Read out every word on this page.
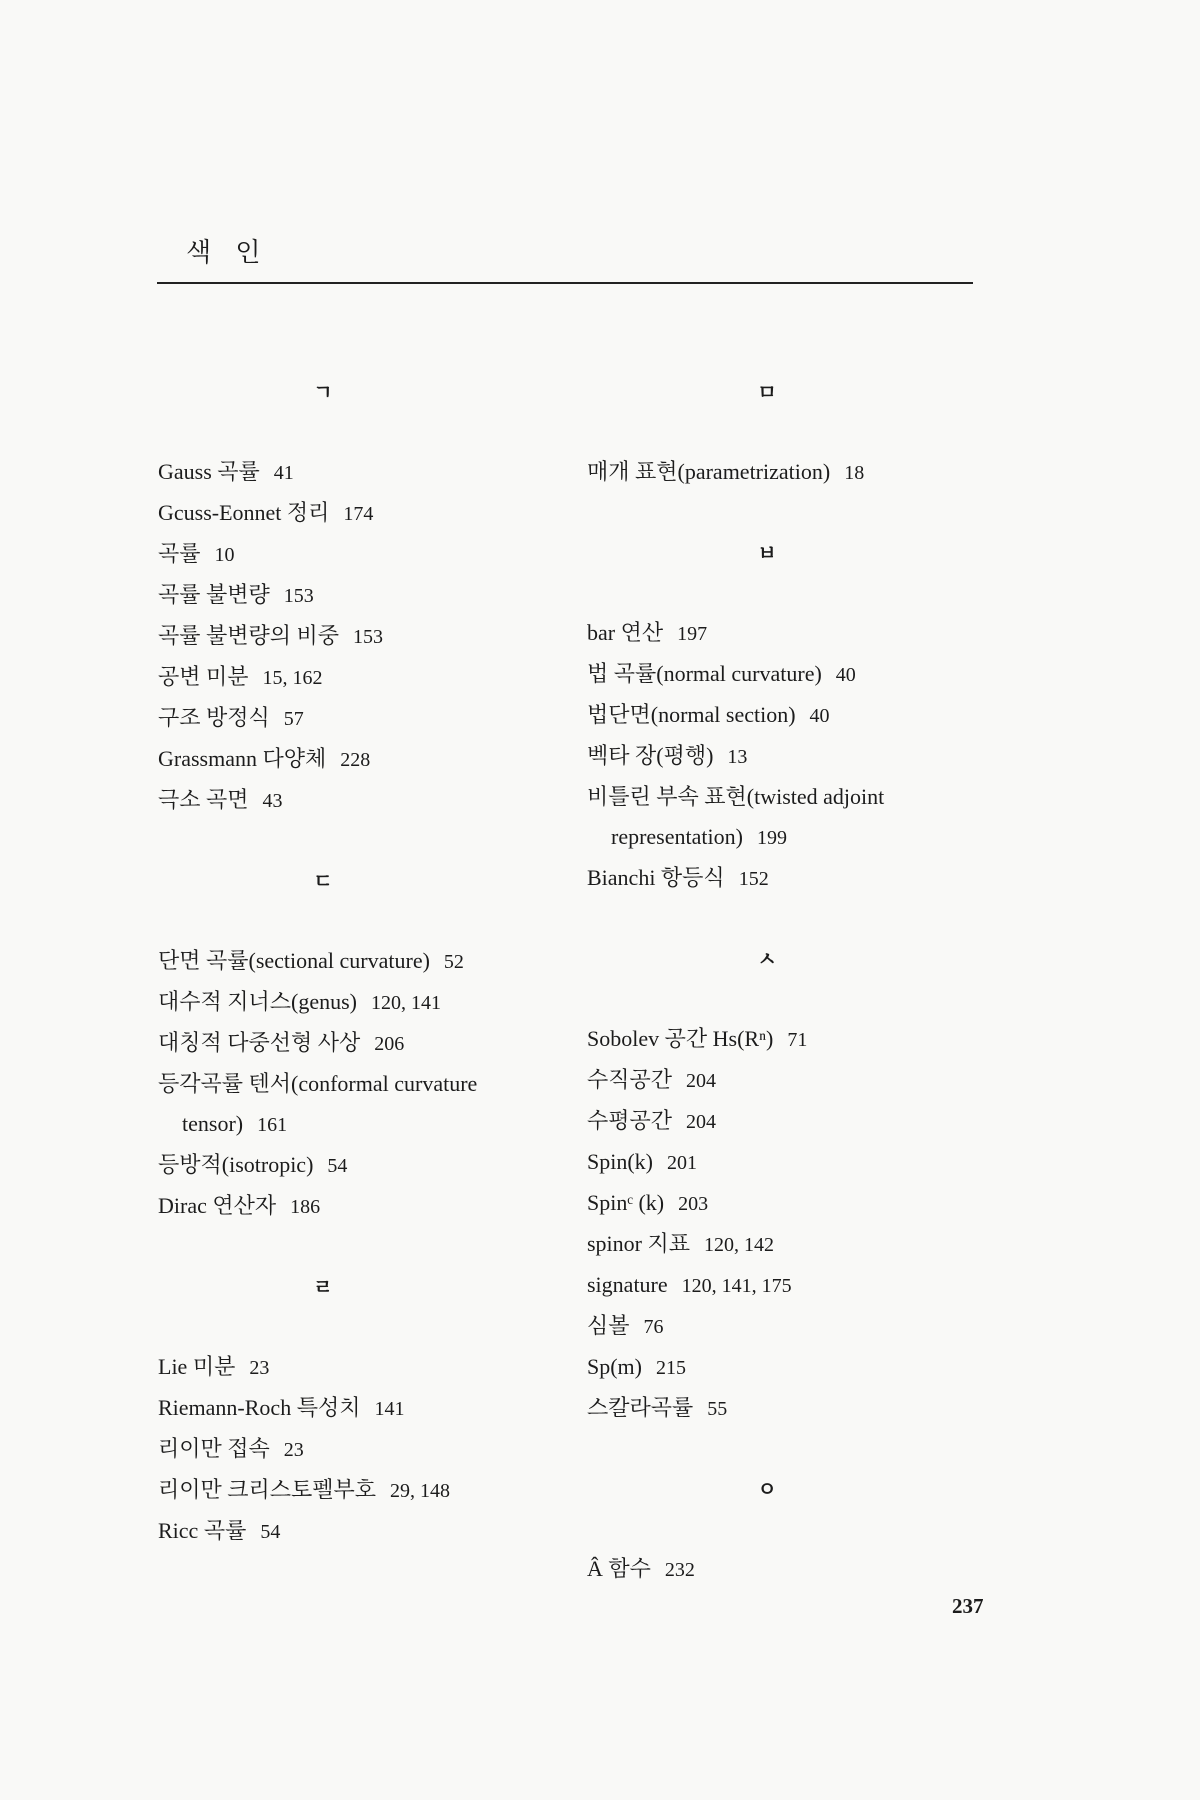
색 인
ㄱ
Gauss 곡률 41
Gcuss-Eonnet 정리 174
곡률 10
곡률 불변량 153
곡률 불변량의 비중 153
공변 미분 15, 162
구조 방정식 57
Grassmann 다양체 228
극소 곡면 43
ㄷ
단면 곡률(sectional curvature) 52
대수적 지너스(genus) 120, 141
대칭적 다중선형 사상 206
등각곡률 텐서(conformal curvature tensor) 161
등방적(isotropic) 54
Dirac 연산자 186
ㄹ
Lie 미분 23
Riemann-Roch 특성치 141
리이만 접속 23
리이만 크리스토펠부호 29, 148
Ricc 곡률 54
ㅁ
매개 표현(parametrization) 18
ㅂ
bar 연산 197
법 곡률(normal curvature) 40
법단면(normal section) 40
벡타 장(평행) 13
비틀린 부속 표현(twisted adjoint representation) 199
Bianchi 항등식 152
ㅅ
Sobolev 공간 Hs(Rⁿ) 71
수직공간 204
수평공간 204
Spin(k) 201
Spinᶜ (k) 203
spinor 지표 120, 142
signature 120, 141, 175
심볼 76
Sp(m) 215
스칼라곡률 55
ㅇ
Â 함수 232
237
